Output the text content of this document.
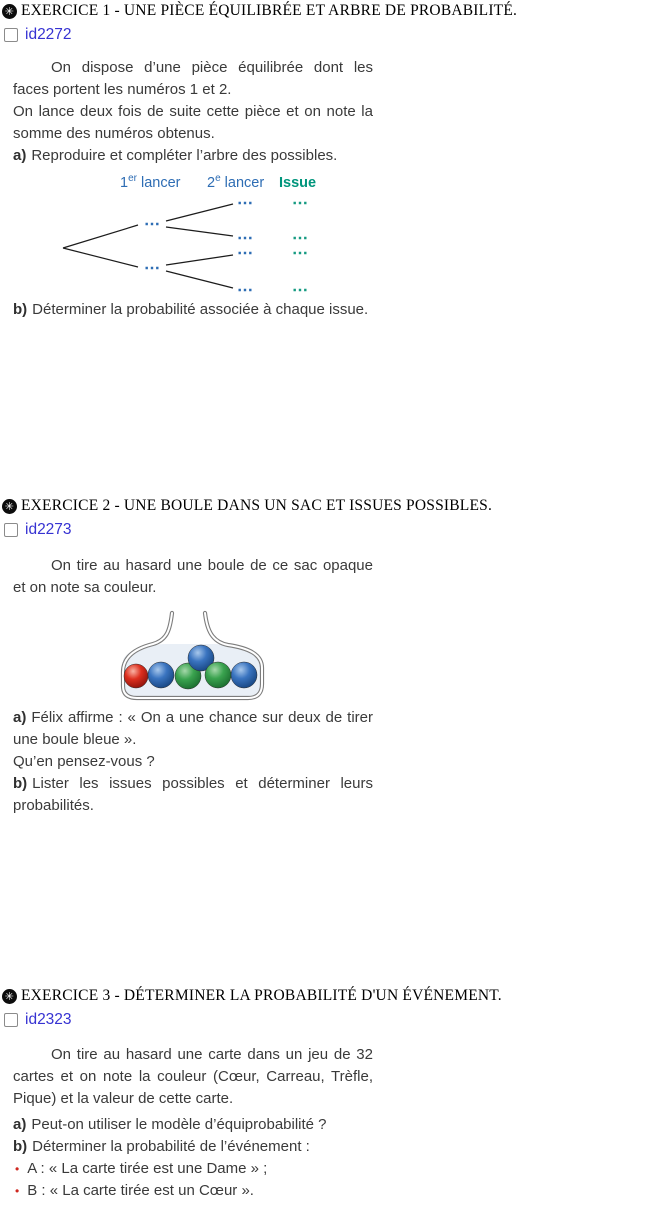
✳ EXERCICE 1 - UNE PIÈCE ÉQUILIBRÉE ET ARBRE DE PROBABILITÉ.
id2272

On dispose d’une pièce équilibrée dont les faces portent les numéros 1 et 2.

On lance deux fois de suite cette pièce et on note la somme des numéros obtenus.

a) Reproduire et compléter l’arbre des possibles.

1er lancer 2e lancer Issue

b) Déterminer la probabilité associée à chaque issue.

✳ EXERCICE 2 - UNE BOULE DANS UN SAC ET ISSUES POSSIBLES.
id2273

On tire au hasard une boule de ce sac opaque et on note sa couleur.

a) Félix affirme : « On a une chance sur deux de tirer une boule bleue ».

Qu’en pensez-vous ?

b) Lister les issues possibles et déterminer leurs probabilités.

✳ EXERCICE 3 - DÉTERMINER LA PROBABILITÉ D'UN ÉVÉNEMENT.
id2323

On tire au hasard une carte dans un jeu de 32 cartes et on note la couleur (Cœur, Carreau, Trèfle, Pique) et la valeur de cette carte.

a) Peut-on utiliser le modèle d’équiprobabilité ?

b) Déterminer la probabilité de l’événement :

• A : « La carte tirée est une Dame » ;
• B : « La carte tirée est un Cœur ».
